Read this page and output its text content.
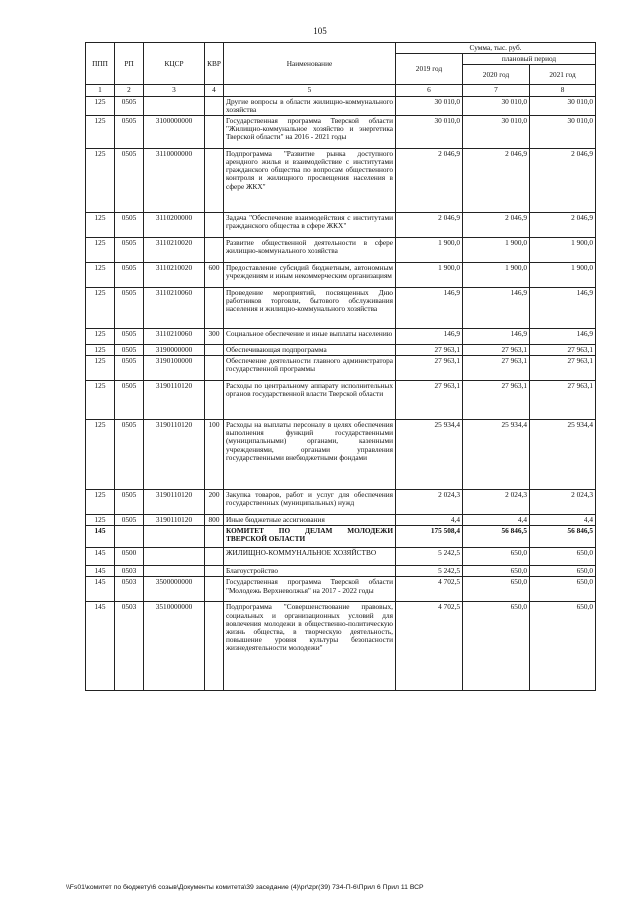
105
ППП	РП	КЦСР	КВР	Наименование	Сумма, тыс. руб.		
					2019 год	плановый период	
						2020 год	2021 год
1	2	3	4	5	6	7	8
125	0505			Другие вопросы в области жилищно-коммунального хозяйства	30 010,0	30 010,0	30 010,0
125	0505	3100000000		Государственная программа Тверской области "Жилищно-коммунальное хозяйство и энергетика Тверской области" на 2016 - 2021 годы	30 010,0	30 010,0	30 010,0
125	0505	3110000000		Подпрограмма "Развитие рынка доступного арендного жилья и взаимодействие с институтами гражданского общества по вопросам общественного контроля и жилищного просвещения населения в сфере ЖКХ"	2 046,9	2 046,9	2 046,9
125	0505	3110200000		Задача "Обеспечение взаимодействия с институтами гражданского общества в сфере ЖКХ"	2 046,9	2 046,9	2 046,9
125	0505	3110210020		Развитие общественной деятельности в сфере жилищно-коммунального хозяйства	1 900,0	1 900,0	1 900,0
125	0505	3110210020	600	Предоставление субсидий бюджетным, автономным учреждениям и иным некоммерческим организациям	1 900,0	1 900,0	1 900,0
125	0505	3110210060		Проведение мероприятий, посвященных Дню работников торговли, бытового обслуживания населения и жилищно-коммунального хозяйства	146,9	146,9	146,9
125	0505	3110210060	300	Социальное обеспечение и иные выплаты населению	146,9	146,9	146,9
125	0505	3190000000		Обеспечивающая подпрограмма	27 963,1	27 963,1	27 963,1
125	0505	3190100000		Обеспечение деятельности главного администратора государственной программы	27 963,1	27 963,1	27 963,1
125	0505	3190110120		Расходы по центральному аппарату исполнительных органов государственной власти Тверской области	27 963,1	27 963,1	27 963,1
125	0505	3190110120	100	Расходы на выплаты персоналу в целях обеспечения выполнения функций государственными (муниципальными) органами, казенными учреждениями, органами управления государственными внебюджетными фондами	25 934,4	25 934,4	25 934,4
125	0505	3190110120	200	Закупка товаров, работ и услуг для обеспечения государственных (муниципальных) нужд	2 024,3	2 024,3	2 024,3
125	0505	3190110120	800	Иные бюджетные ассигнования	4,4	4,4	4,4
145				КОМИТЕТ ПО ДЕЛАМ МОЛОДЕЖИ ТВЕРСКОЙ ОБЛАСТИ	175 508,4	56 846,5	56 846,5
145	0500			ЖИЛИЩНО-КОММУНАЛЬНОЕ ХОЗЯЙСТВО	5 242,5	650,0	650,0
145	0503			Благоустройство	5 242,5	650,0	650,0
145	0503	3500000000		Государственная программа Тверской области "Молодежь Верхневолжья" на 2017 - 2022 годы	4 702,5	650,0	650,0
145	0503	3510000000		Подпрограмма "Совершенствование правовых, социальных и организационных условий для вовлечения молодежи в общественно-политическую жизнь общества, в творческую деятельность, повышение уровня культуры безопасности жизнедеятельности молодежи"	4 702,5	650,0	650,0
\\Fs01\комитет по бюджету\6 созыв\Документы комитета\39 заседание (4)\pr\zpr(39) 734-П-6\Прил 6 Прил 11 ВСР
